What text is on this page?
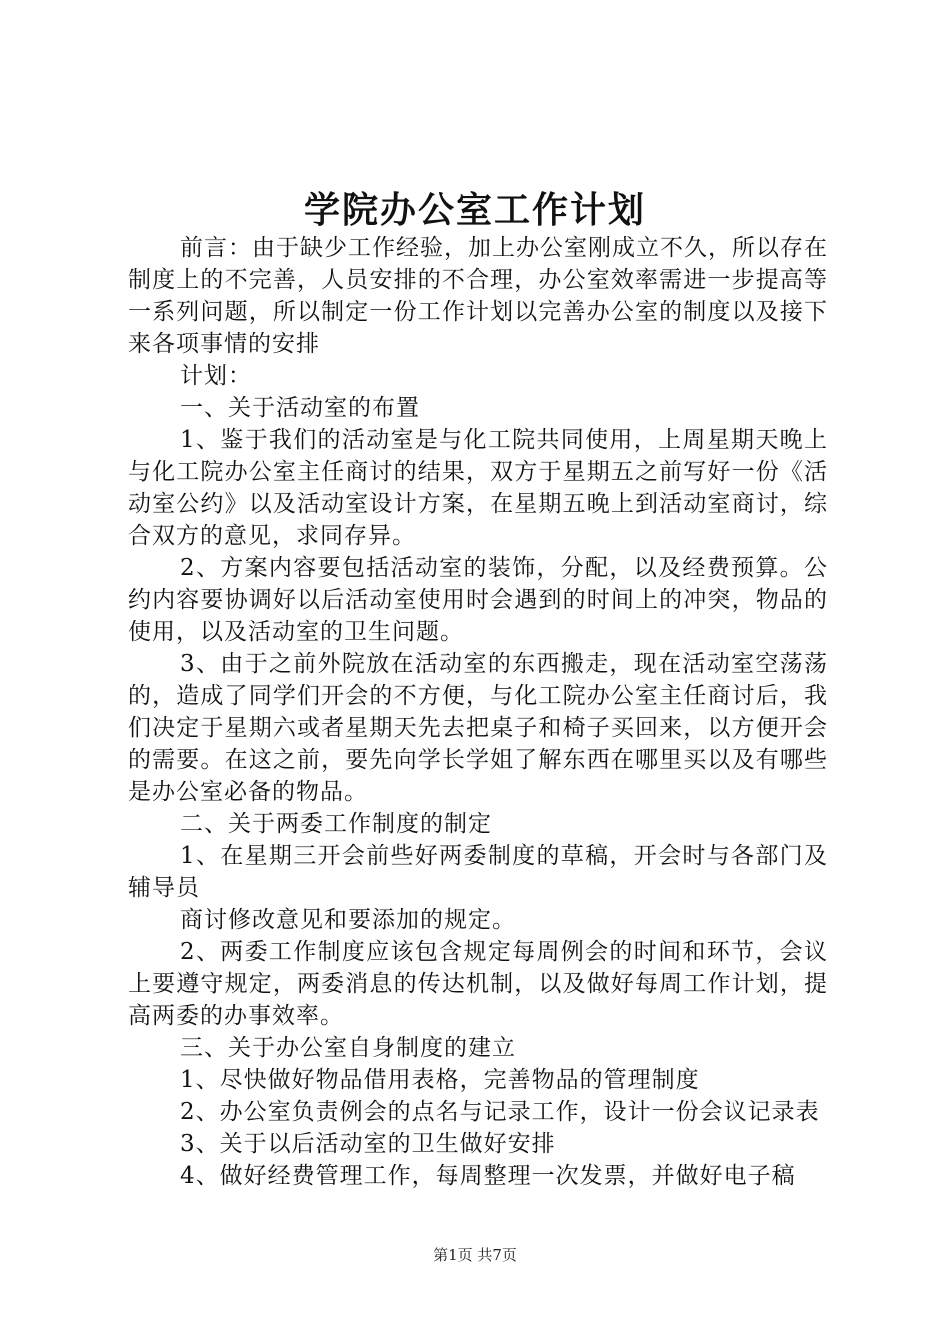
学院办公室工作计划

前言：由于缺少工作经验，加上办公室刚成立不久，所以存在制度上的不完善，人员安排的不合理，办公室效率需进一步提高等一系列问题，所以制定一份工作计划以完善办公室的制度以及接下来各项事情的安排

计划：

一、关于活动室的布置

1、鉴于我们的活动室是与化工院共同使用，上周星期天晚上与化工院办公室主任商讨的结果，双方于星期五之前写好一份《活动室公约》以及活动室设计方案，在星期五晚上到活动室商讨，综合双方的意见，求同存异。

2、方案内容要包括活动室的装饰，分配，以及经费预算。公约内容要协调好以后活动室使用时会遇到的时间上的冲突，物品的使用，以及活动室的卫生问题。

3、由于之前外院放在活动室的东西搬走，现在活动室空荡荡的，造成了同学们开会的不方便，与化工院办公室主任商讨后，我们决定于星期六或者星期天先去把桌子和椅子买回来，以方便开会的需要。在这之前，要先向学长学姐了解东西在哪里买以及有哪些是办公室必备的物品。

二、关于两委工作制度的制定

1、在星期三开会前些好两委制度的草稿，开会时与各部门及辅导员

商讨修改意见和要添加的规定。

2、两委工作制度应该包含规定每周例会的时间和环节，会议上要遵守规定，两委消息的传达机制，以及做好每周工作计划，提高两委的办事效率。

三、关于办公室自身制度的建立

1、尽快做好物品借用表格，完善物品的管理制度

2、办公室负责例会的点名与记录工作，设计一份会议记录表

3、关于以后活动室的卫生做好安排

4、做好经费管理工作，每周整理一次发票，并做好电子稿

第1页 共7页
